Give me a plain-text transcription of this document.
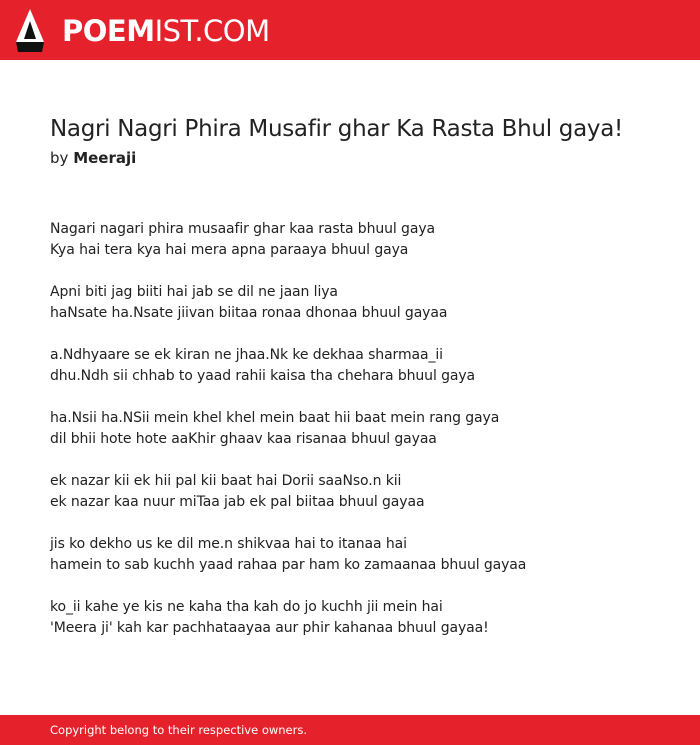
POEMIST.COM
Nagri Nagri Phira Musafir ghar Ka Rasta Bhul gaya!
by Meeraji
Nagari nagari phira musaafir ghar kaa rasta bhuul gaya
Kya hai tera kya hai mera apna paraaya bhuul gaya
Apni biti jag biiti hai jab se dil ne jaan liya
haNsate ha.Nsate jiivan biitaa ronaa dhonaa bhuul gayaa
a.Ndhyaare se ek kiran ne jhaa.Nk ke dekhaa sharmaa_ii
dhu.Ndh sii chhab to yaad rahii kaisa tha chehara bhuul gaya
ha.Nsii ha.NSii mein khel khel mein baat hii baat mein rang gaya
dil bhii hote hote aaKhir ghaav kaa risanaa bhuul gayaa
ek nazar kii ek hii pal kii baat hai Dorii saaNso.n kii
ek nazar kaa nuur miTaa jab ek pal biitaa bhuul gayaa
jis ko dekho us ke dil me.n shikvaa hai to itanaa hai
hamein to sab kuchh yaad rahaa par ham ko zamaanaa bhuul gayaa
ko_ii kahe ye kis ne kaha tha kah do jo kuchh jii mein hai
'Meera ji' kah kar pachhataayaa aur phir kahanaa bhuul gayaa!
Copyright belong to their respective owners.
